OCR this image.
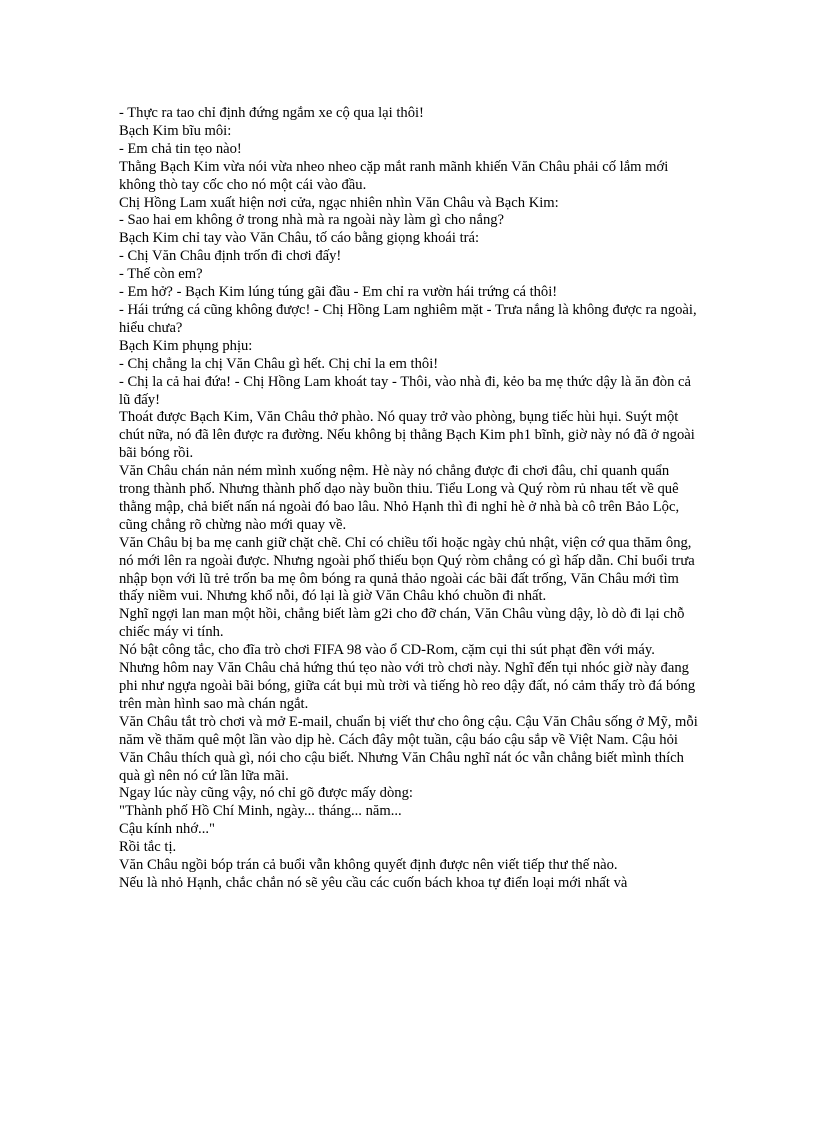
- Thực ra tao chỉ định đứng ngắm xe cộ qua lại thôi!

Bạch Kim bĩu môi:

- Em chả tin tẹo nào!

Thằng Bạch Kim vừa nói vừa nheo nheo cặp mắt ranh mãnh khiến Văn Châu phải cố lắm mới không thò tay cốc cho nó một cái vào đầu.

Chị Hồng Lam xuất hiện nơi cửa, ngạc nhiên nhìn Văn Châu và Bạch Kim:

- Sao hai em không ở trong nhà mà ra ngoài này làm gì cho nắng?

Bạch Kim chỉ tay vào Văn Châu, tố cáo bằng giọng khoái trá:

- Chị Văn Châu định trốn đi chơi đấy!

- Thế còn em?

- Em hở? - Bạch Kim lúng túng gãi đầu - Em chỉ ra vườn hái trứng cá thôi!

- Hái trứng cá cũng không được! - Chị Hồng Lam nghiêm mặt - Trưa nắng là không được ra ngoài, hiểu chưa?

Bạch Kim phụng phịu:

- Chị chẳng la chị Văn Châu gì hết. Chị chỉ la em thôi!

- Chị la cả hai đứa! - Chị Hồng Lam khoát tay - Thôi, vào nhà đi, kẻo ba mẹ thức dậy là ăn đòn cả lũ đấy!

Thoát được Bạch Kim, Văn Châu thở phào. Nó quay trở vào phòng, bụng tiếc hùi hụi. Suýt một chút nữa, nó đã lên được ra đường. Nếu không bị thằng Bạch Kim ph1 bĩnh, giờ này nó đã ở ngoài bãi bóng rồi.

Văn Châu chán nản ném mình xuống nệm. Hè này nó chẳng được đi chơi đâu, chỉ quanh quẩn trong thành phố. Nhưng thành phố dạo này buồn thiu. Tiểu Long và Quý ròm rủ nhau tết về quê thằng mập, chả biết nấn ná ngoài đó bao lâu. Nhỏ Hạnh thì đi nghỉ hè ở nhà bà cô trên Bảo Lộc, cũng chẳng rõ chừng nào mới quay về.

Văn Châu bị ba mẹ canh giữ chặt chẽ. Chỉ có chiều tối hoặc ngày chủ nhật, viện cớ qua thăm ông, nó mới lên ra ngoài được. Nhưng ngoài phố thiếu bọn Quý ròm chẳng có gì hấp dẫn. Chỉ buổi trưa nhập bọn với lũ trẻ trốn ba mẹ ôm bóng ra qunả thảo ngoài các bãi đất trống, Văn Châu mới tìm thấy niềm vui. Nhưng khổ nỗi, đó lại là giờ Văn Châu khó chuồn đi nhất.

Nghĩ ngợi lan man một hồi, chẳng biết làm g2i cho đỡ chán, Văn Châu vùng dậy, lò dò đi lại chỗ chiếc máy vi tính.

Nó bật công tắc, cho đĩa trò chơi FIFA 98 vào ổ CD-Rom, cặm cụi thi sút phạt đền với máy.

Nhưng hôm nay Văn Châu chả hứng thú tẹo nào với trò chơi này. Nghĩ đến tụi nhóc giờ này đang phi như ngựa ngoài bãi bóng, giữa cát bụi mù trời và tiếng hò reo dậy đất, nó cảm thấy trò đá bóng trên màn hình sao mà chán ngắt.

Văn Châu tắt trò chơi và mở E-mail, chuẩn bị viết thư cho ông cậu. Cậu Văn Châu sống ở Mỹ, mỗi năm về thăm quê một lần vào dịp hè. Cách đây một tuần, cậu báo cậu sắp về Việt Nam. Cậu hỏi Văn Châu thích quà gì, nói cho cậu biết. Nhưng Văn Châu nghĩ nát óc vẫn chẳng biết mình thích quà gì nên nó cứ lần lữa mãi.

Ngay lúc này cũng vậy, nó chỉ gõ được mấy dòng:

"Thành phố Hồ Chí Minh, ngày... tháng... năm...

Cậu kính nhớ..."

Rồi tắc tị.

Văn Châu ngồi bóp trán cả buổi vẫn không quyết định được nên viết tiếp thư thế nào.

Nếu là nhỏ Hạnh, chắc chắn nó sẽ yêu cầu các cuốn bách khoa tự điển loại mới nhất và
